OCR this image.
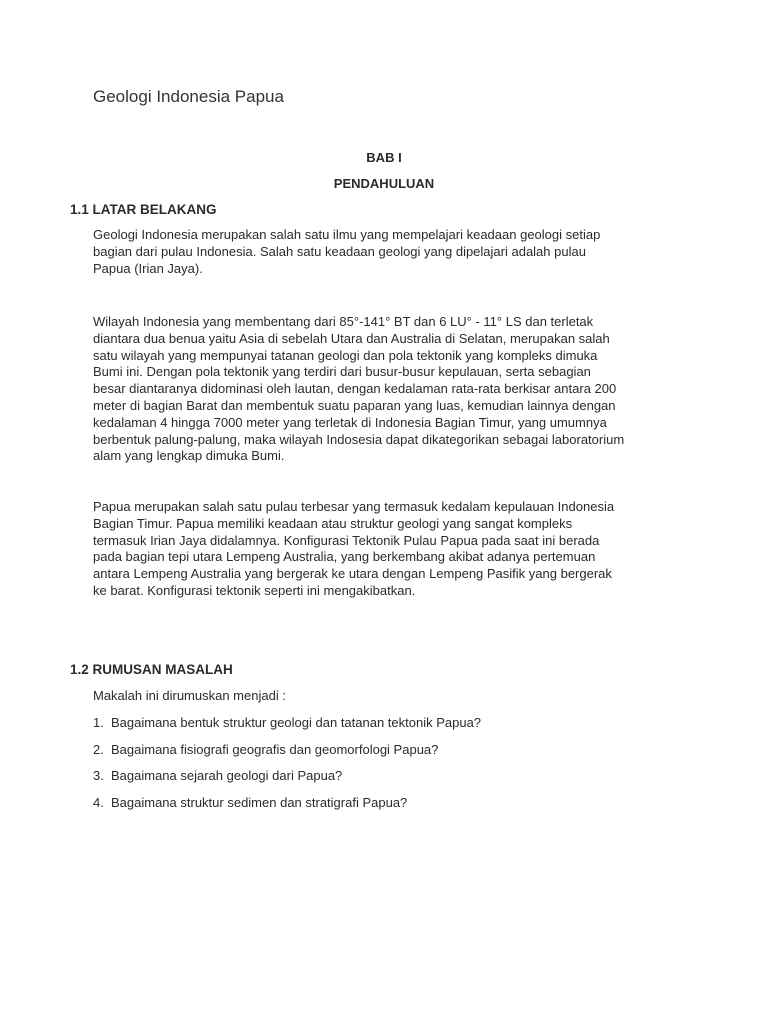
Geologi Indonesia Papua

BAB I

PENDAHULUAN

1.1 LATAR BELAKANG

Geologi Indonesia merupakan salah satu ilmu yang mempelajari keadaan geologi setiap
bagian dari pulau Indonesia. Salah satu keadaan geologi yang dipelajari adalah pulau
Papua (Irian Jaya).

Wilayah Indonesia yang membentang dari 85°-141° BT dan 6 LU° - 11° LS dan terletak
diantara dua benua yaitu Asia di sebelah Utara dan Australia di Selatan, merupakan salah
satu wilayah yang mempunyai tatanan geologi dan pola tektonik yang kompleks dimuka
Bumi ini. Dengan pola tektonik yang terdiri dari busur-busur kepulauan, serta sebagian
besar diantaranya didominasi oleh lautan, dengan kedalaman rata-rata berkisar antara 200
meter di bagian Barat dan membentuk suatu paparan yang luas, kemudian lainnya dengan
kedalaman 4 hingga 7000 meter yang terletak di Indonesia Bagian Timur, yang umumnya
berbentuk palung-palung, maka wilayah Indosesia dapat dikategorikan sebagai laboratorium
alam yang lengkap dimuka Bumi.

Papua merupakan salah satu pulau terbesar yang termasuk kedalam kepulauan Indonesia
Bagian Timur. Papua memiliki keadaan atau struktur geologi yang sangat kompleks
termasuk Irian Jaya didalamnya. Konfigurasi Tektonik Pulau Papua pada saat ini berada
pada bagian tepi utara Lempeng Australia, yang berkembang akibat adanya pertemuan
antara Lempeng Australia yang bergerak ke utara dengan Lempeng Pasifik yang bergerak
ke barat. Konfigurasi tektonik seperti ini mengakibatkan.

1.2 RUMUSAN MASALAH

Makalah ini dirumuskan menjadi :

1. Bagaimana bentuk struktur geologi dan tatanan tektonik Papua?
2. Bagaimana fisiografi geografis dan geomorfologi Papua?
3. Bagaimana sejarah geologi dari Papua?
4. Bagaimana struktur sedimen dan stratigrafi Papua?
